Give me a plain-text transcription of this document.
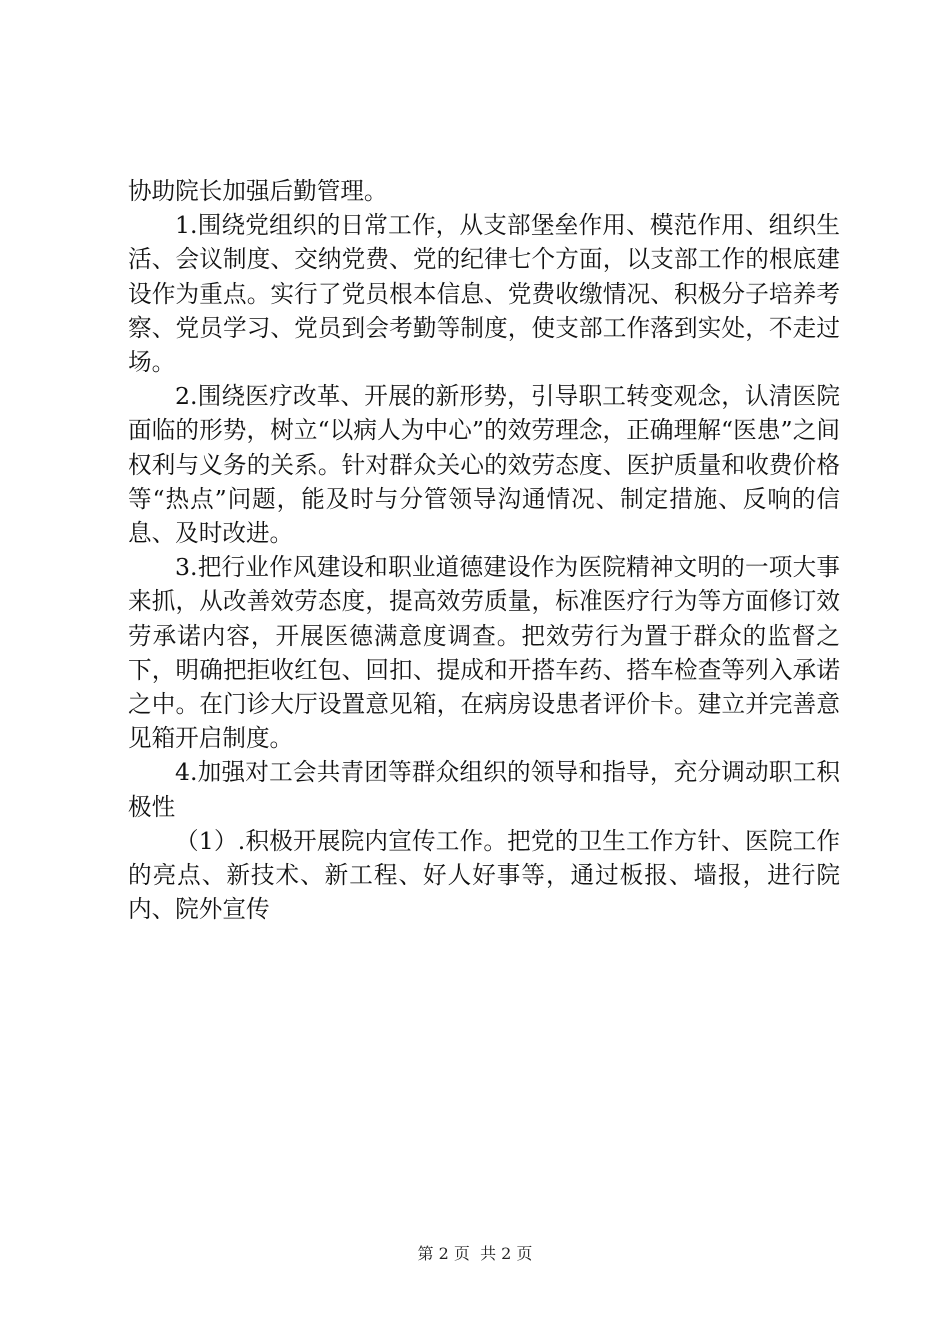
协助院长加强后勤管理。

1.围绕党组织的日常工作，从支部堡垒作用、模范作用、组织生活、会议制度、交纳党费、党的纪律七个方面，以支部工作的根底建设作为重点。实行了党员根本信息、党费收缴情况、积极分子培养考察、党员学习、党员到会考勤等制度，使支部工作落到实处，不走过场。

2.围绕医疗改革、开展的新形势，引导职工转变观念，认清医院面临的形势，树立“以病人为中心”的效劳理念，正确理解“医患”之间权利与义务的关系。针对群众关心的效劳态度、医护质量和收费价格等“热点”问题，能及时与分管领导沟通情况、制定措施、反响的信息、及时改进。

3.把行业作风建设和职业道德建设作为医院精神文明的一项大事来抓，从改善效劳态度，提高效劳质量，标准医疗行为等方面修订效劳承诺内容，开展医德满意度调查。把效劳行为置于群众的监督之下，明确把拒收红包、回扣、提成和开搭车药、搭车检查等列入承诺之中。在门诊大厅设置意见箱，在病房设患者评价卡。建立并完善意见箱开启制度。

4.加强对工会共青团等群众组织的领导和指导，充分调动职工积极性

（1）.积极开展院内宣传工作。把党的卫生工作方针、医院工作的亮点、新技术、新工程、好人好事等，通过板报、墙报，进行院内、院外宣传

第 2 页  共 2 页
